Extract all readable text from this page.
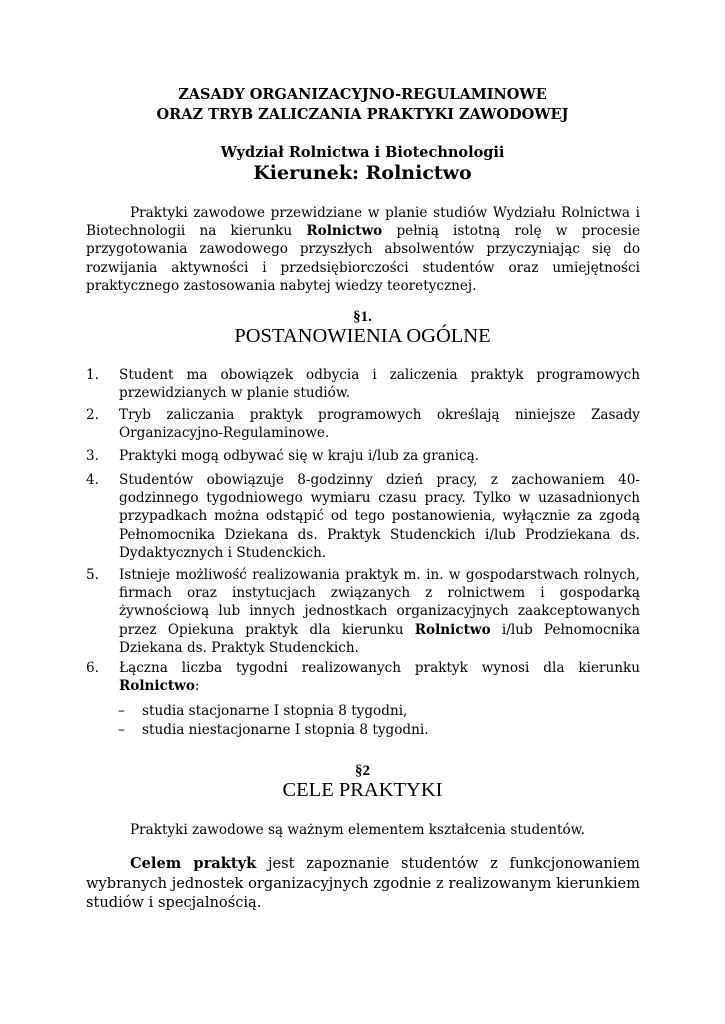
ZASADY ORGANIZACYJNO-REGULAMINOWE
ORAZ TRYB ZALICZANIA PRAKTYKI ZAWODOWEJ
Wydział Rolnictwa i Biotechnologii
Kierunek: Rolnictwo
Praktyki zawodowe przewidziane w planie studiów Wydziału Rolnictwa i Biotechnologii na kierunku Rolnictwo pełnią istotną rolę w procesie przygotowania zawodowego przyszłych absolwentów przyczyniając się do rozwijania aktywności i przedsiębiorczości studentów oraz umiejętności praktycznego zastosowania nabytej wiedzy teoretycznej.
§1.
POSTANOWIENIA OGÓLNE
1.	Student ma obowiązek odbycia i zaliczenia praktyk programowych przewidzianych w planie studiów.
2.	Tryb zaliczania praktyk programowych określają niniejsze Zasady Organizacyjno-Regulaminowe.
3.	Praktyki mogą odbywać się w kraju i/lub za granicą.
4.	Studentów obowiązuje 8-godzinny dzień pracy, z zachowaniem 40-godzinnego tygodniowego wymiaru czasu pracy. Tylko w uzasadnionych przypadkach można odstąpić od tego postanowienia, wyłącznie za zgodą Pełnomocnika Dziekana ds. Praktyk Studenckich i/lub Prodziekana ds. Dydaktycznych i Studenckich.
5.	Istnieje możliwość realizowania praktyk m. in. w gospodarstwach rolnych, firmach oraz instytucjach związanych z rolnictwem i gospodarką żywnościową lub innych jednostkach organizacyjnych zaakceptowanych przez Opiekuna praktyk dla kierunku Rolnictwo i/lub Pełnomocnika Dziekana ds. Praktyk Studenckich.
6.	Łączna liczba tygodni realizowanych praktyk wynosi dla kierunku Rolnictwo:
– studia stacjonarne I stopnia 8 tygodni,
– studia niestacjonarne I stopnia 8 tygodni.
§2
CELE PRAKTYKI
Praktyki zawodowe są ważnym elementem kształcenia studentów.
Celem praktyk jest zapoznanie studentów z funkcjonowaniem wybranych jednostek organizacyjnych zgodnie z realizowanym kierunkiem studiów i specjalnością.
